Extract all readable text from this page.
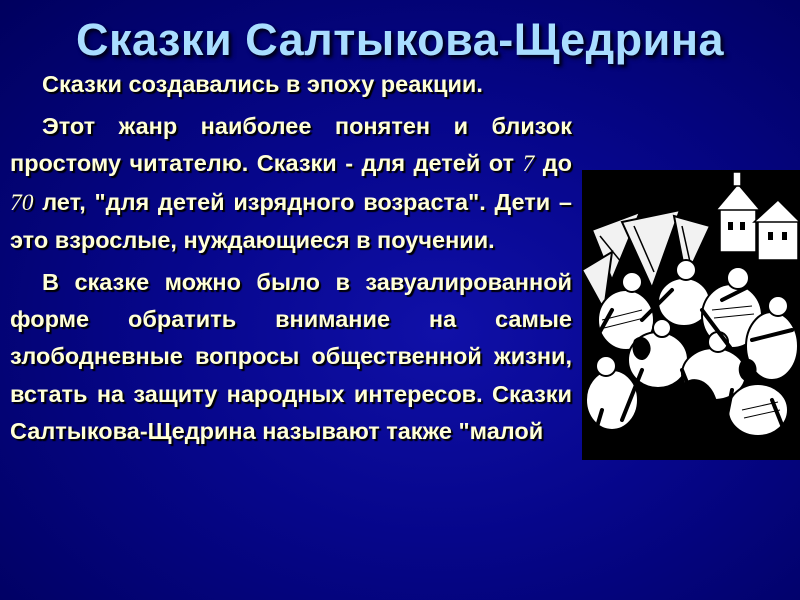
Сказки Салтыкова-Щедрина

Сказки создавались в эпоху реакции.

Этот жанр наиболее понятен и близок простому читателю. Сказки - для детей от 7 до 70 лет, "для детей изрядного возраста". Дети – это взрослые, нуждающиеся в поучении.

В сказке можно было в завуалированной форме обратить внимание на самые злободневные вопросы общественной жизни, встать на защиту народных интересов. Сказки Салтыкова-Щедрина называют также "малой
